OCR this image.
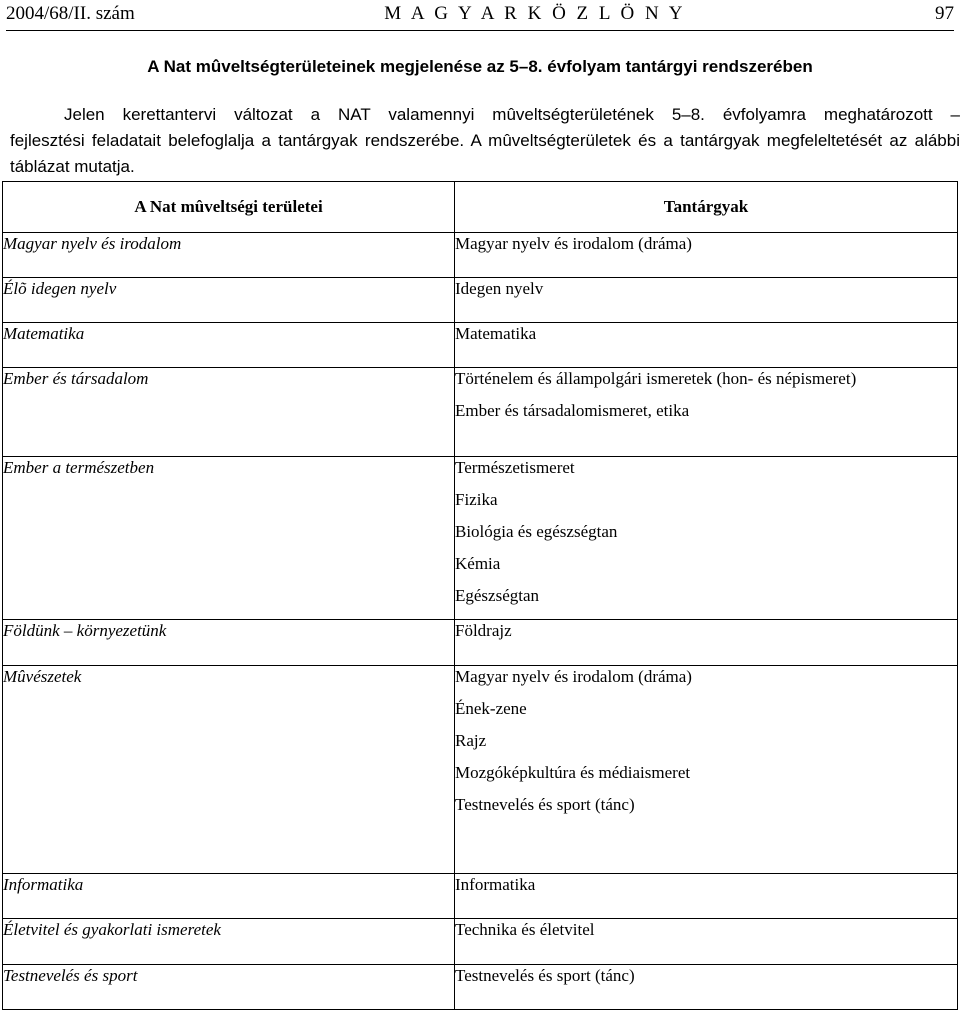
2004/68/II. szám	M A G Y A R K Ö Z L Ö N Y	97
A Nat mûveltségterületeinek megjelenése az 5–8. évfolyam tantárgyi rendszerében
Jelen kerettantervi változat a NAT valamennyi mûveltségterületének 5–8. évfolyamra meghatározott –
fejlesztési feladatait belefoglalja a tantárgyak rendszerébe. A mûveltségterületek és a tantárgyak megfeleltetését az alábbi táblázat mutatja.
A Nat mûveltségi területei	Tantárgyak
Magyar nyelv és irodalom	Magyar nyelv és irodalom (dráma)

Élõ idegen nyelv	Idegen nyelv

Matematika	Matematika

Ember és társadalom	Történelem és állampolgári ismeretek (hon- és népismeret)
Ember és társadalomismeret, etika

Ember a természetben	Természetismeret
Fizika
Biológia és egészségtan
Kémia
Egészségtan

Földünk – környezetünk	Földrajz

Mûvészetek	Magyar nyelv és irodalom (dráma)
Ének-zene
Rajz
Mozgóképkultúra és médiaismeret
Testnevelés és sport (tánc)

Informatika	Informatika

Életvitel és gyakorlati ismeretek	Technika és életvitel

Testnevelés és sport	Testnevelés és sport (tánc)
